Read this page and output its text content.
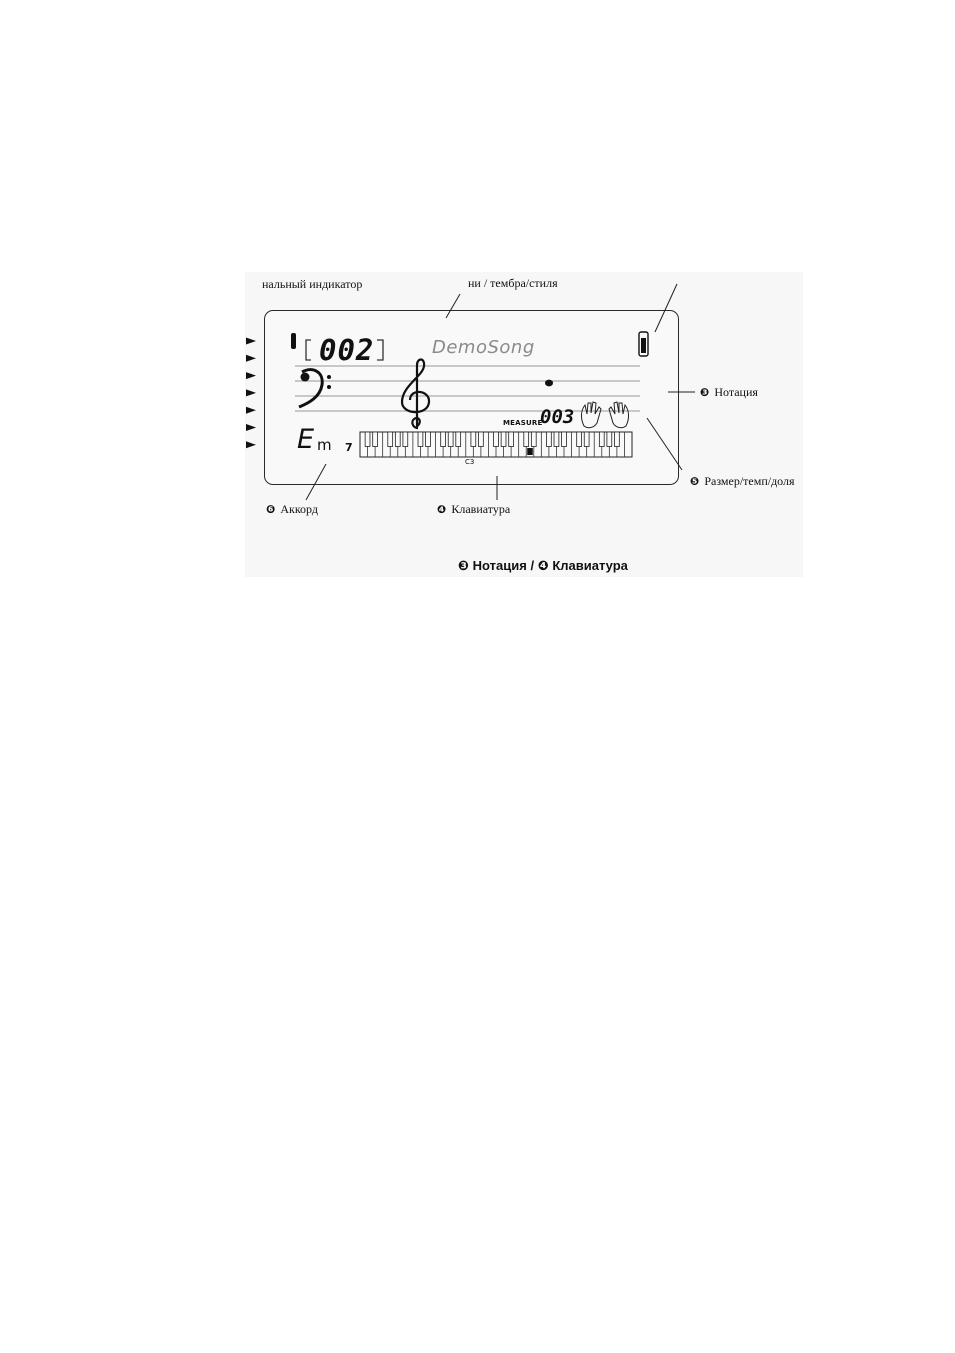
нальный индикатор	ни / тембра/стиля
❸ Нотация
❺ Размер/темп/доля
❻ Аккорд	❹ Клавиатура
002	DemoSong
MEASURE
003
E m 7
C3
❸ Нотация / ❹ Клавиатура
